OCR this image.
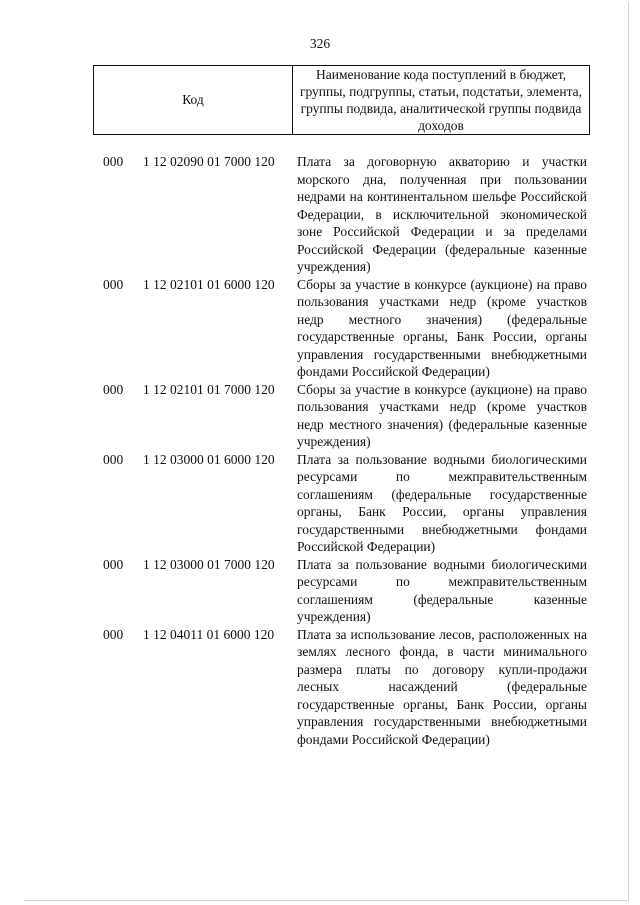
326
Код
Наименование кода поступлений в бюджет, группы, подгруппы, статьи, подстатьи, элемента, группы подвида, аналитической группы подвида доходов
000 1 12 02090 01 7000 120 Плата за договорную акваторию и участки морского дна, полученная при пользовании недрами на континентальном шельфе Российской Федерации, в исключительной экономической зоне Российской Федерации и за пределами Российской Федерации (федеральные казенные учреждения)
000 1 12 02101 01 6000 120 Сборы за участие в конкурсе (аукционе) на право пользования участками недр (кроме участков недр местного значения) (федеральные государственные органы, Банк России, органы управления государственными внебюджетными фондами Российской Федерации)
000 1 12 02101 01 7000 120 Сборы за участие в конкурсе (аукционе) на право пользования участками недр (кроме участков недр местного значения) (федеральные казенные учреждения)
000 1 12 03000 01 6000 120 Плата за пользование водными биологическими ресурсами по межправительственным соглашениям (федеральные государственные органы, Банк России, органы управления государственными внебюджетными фондами Российской Федерации)
000 1 12 03000 01 7000 120 Плата за пользование водными биологическими ресурсами по межправительственным соглашениям (федеральные казенные учреждения)
000 1 12 04011 01 6000 120 Плата за использование лесов, расположенных на землях лесного фонда, в части минимального размера платы по договору купли-продажи лесных насаждений (федеральные государственные органы, Банк России, органы управления государственными внебюджетными фондами Российской Федерации)
